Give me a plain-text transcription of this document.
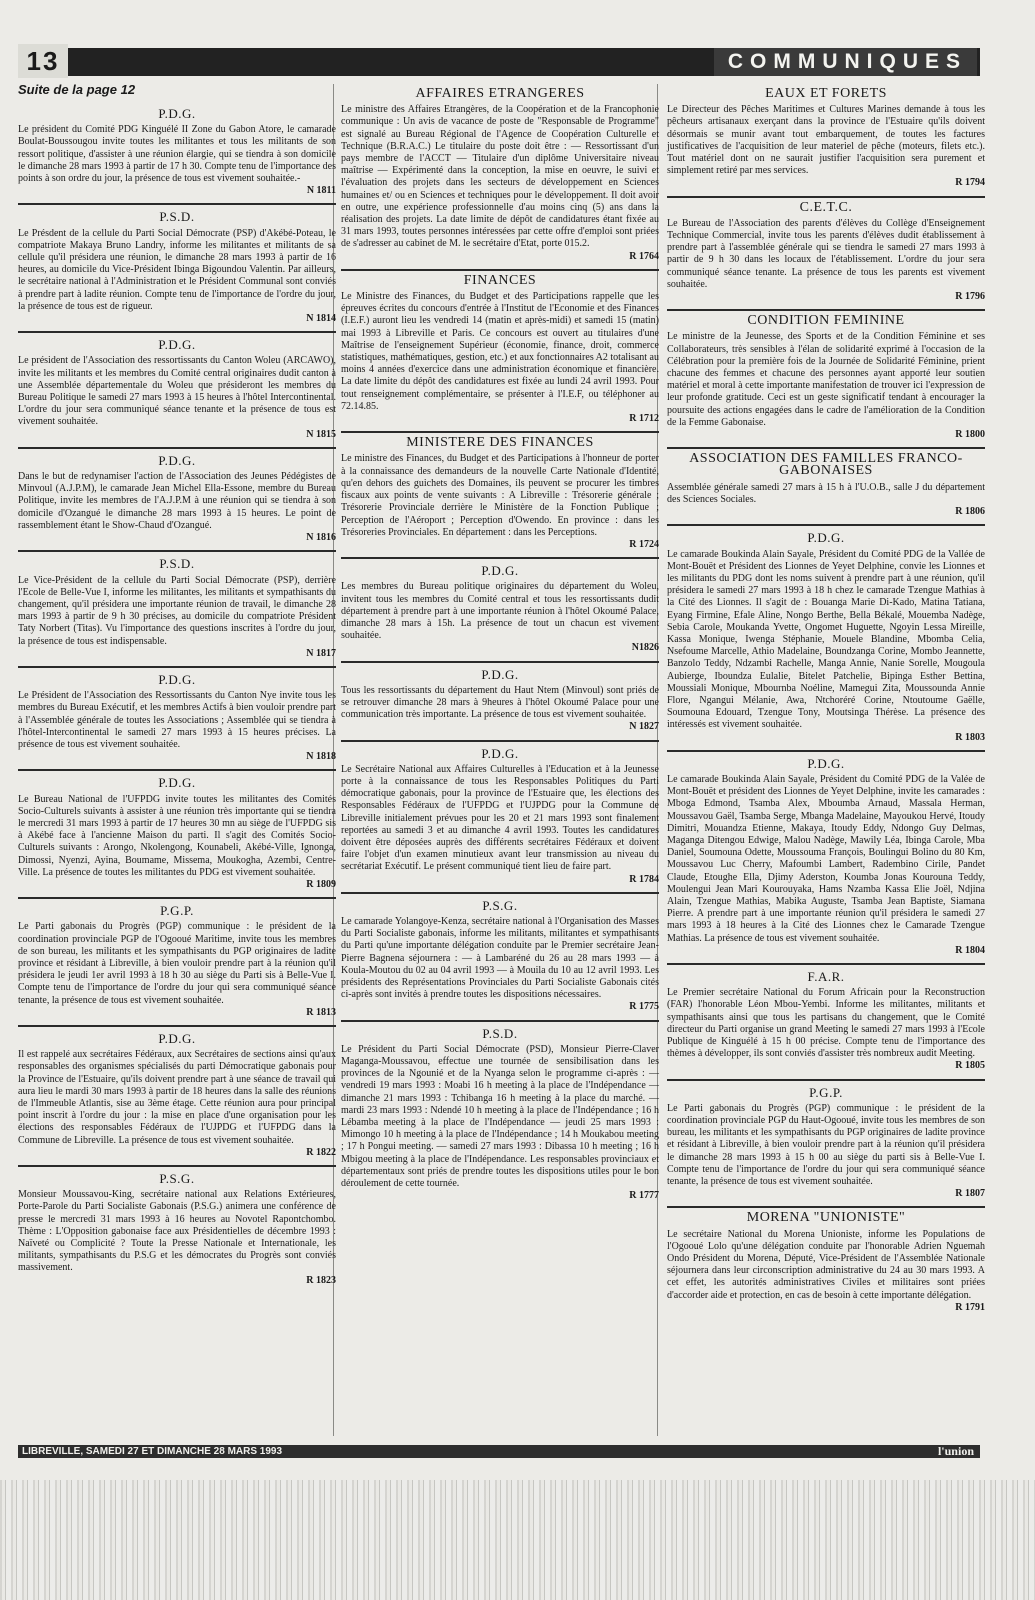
13	COMMUNIQUES
Suite de la page 12
P.D.G.

Le président du Comité PDG Kinguélé II Zone du Gabon Atore, le camarade Boulat-Boussougou invite toutes les militantes et tous les militants de son ressort politique, d'assister à une réunion élargie, qui se tiendra à son domicile le dimanche 28 mars 1993 à partir de 17 h 30. Compte tenu de l'importance des points à son ordre du jour, la présence de tous est vivement souhaitée.-

N 1811

P.S.D.

Le Présdent de la cellule du Parti Social Démocrate (PSP) d'Akébé-Poteau, le compatriote Makaya Bruno Landry, informe les militantes et militants de sa cellule qu'il présidera une réunion, le dimanche 28 mars 1993 à partir de 16 heures, au domicile du Vice-Président Ibinga Bigoundou Valentin. Par ailleurs, le secrétaire national à l'Administration et le Président Communal sont conviés à prendre part à ladite réunion. Compte tenu de l'importance de l'ordre du jour, la présence de tous est de rigueur.

N 1814

P.D.G.

Le président de l'Association des ressortissants du Canton Woleu (ARCAWO), invite les militants et les membres du Comité central originaires dudit canton à une Assemblée départementale du Woleu que présideront les membres du Bureau Politique le samedi 27 mars 1993 à 15 heures à l'hôtel Intercontinental. L'ordre du jour sera communiqué séance tenante et la présence de tous est vivement souhaitée.

N 1815

P.D.G.

Dans le but de redynamiser l'action de l'Association des Jeunes Pédégistes de Minvoul (A.J.P.M), le camarade Jean Michel Ella-Essone, membre du Bureau Politique, invite les membres de l'A.J.P.M à une réunion qui se tiendra à son domicile d'Ozangué le dimanche 28 mars 1993 à 15 heures. Le point de rassemblement étant le Show-Chaud d'Ozangué.

N 1816

P.S.D.

Le Vice-Président de la cellule du Parti Social Démocrate (PSP), derrière l'Ecole de Belle-Vue I, informe les militantes, les militants et sympathisants du changement, qu'il présidera une importante réunion de travail, le dimanche 28 mars 1993 à partir de 9 h 30 précises, au domicile du compatriote Président Taty Norbert (Titas). Vu l'importance des questions inscrites à l'ordre du jour, la présence de tous est indispensable.

N 1817

P.D.G.

Le Président de l'Association des Ressortissants du Canton Nye invite tous les membres du Bureau Exécutif, et les membres Actifs à bien vouloir prendre part à l'Assemblée générale de toutes les Associations ; Assemblée qui se tiendra à l'hôtel-Intercontinental le samedi 27 mars 1993 à 15 heures précises. La présence de tous est vivement souhaitée.

N 1818

P.D.G.

Le Bureau National de l'UFPDG invite toutes les militantes des Comités Socio-Culturels suivants à assister à une réunion très importante qui se tiendra le mercredi 31 mars 1993 à partir de 17 heures 30 mn au siège de l'UFPDG sis à Akébé face à l'ancienne Maison du parti. Il s'agit des Comités Socio-Culturels suivants : Arongo, Nkolengong, Kounabeli, Akébé-Ville, Ignonga, Dimossi, Nyenzi, Ayina, Boumame, Missema, Moukogha, Azembi, Centre-Ville. La présence de toutes les militantes du PDG est vivement souhaitée.

R 1809

P.G.P.

Le Parti gabonais du Progrès (PGP) communique : le président de la coordination provinciale PGP de l'Ogooué Maritime, invite tous les membres de son bureau, les militants et les sympathisants du PGP originaires de ladite province et résidant à Libreville, à bien vouloir prendre part à la réunion qu'il présidera le jeudi 1er avril 1993 à 18 h 30 au siège du Parti sis à Belle-Vue I. Compte tenu de l'importance de l'ordre du jour qui sera communiqué séance tenante, la présence de tous est vivement souhaitée.

R 1813

P.D.G.

Il est rappelé aux secrétaires Fédéraux, aux Secrétaires de sections ainsi qu'aux responsables des organismes spécialisés du parti Démocratique gabonais pour la Province de l'Estuaire, qu'ils doivent prendre part à une séance de travail qui aura lieu le mardi 30 mars 1993 à partir de 18 heures dans la salle des réunions de l'Immeuble Atlantis, sise au 3ème étage. Cette réunion aura pour principal point inscrit à l'ordre du jour : la mise en place d'une organisation pour les élections des responsables Fédéraux de l'UJPDG et l'UFPDG dans la Commune de Libreville. La présence de tous est vivement souhaitée.

R 1822

P.S.G.

Monsieur Moussavou-King, secrétaire national aux Relations Extérieures, Porte-Parole du Parti Socialiste Gabonais (P.S.G.) animera une conférence de presse le mercredi 31 mars 1993 à 16 heures au Novotel Rapontchombo. Thème : L'Opposition gabonaise face aux Présidentielles de décembre 1993 : Naïveté ou Complicité ? Toute la Presse Nationale et Internationale, les militants, sympathisants du P.S.G et les démocrates du Progrès sont conviés massivement.

R 1823

AFFAIRES ETRANGERES

Le ministre des Affaires Etrangères, de la Coopération et de la Francophonie communique : Un avis de vacance de poste de "Responsable de Programme" est signalé au Bureau Régional de l'Agence de Coopération Culturelle et Technique (B.R.A.C.) Le titulaire du poste doit être : — Ressortissant d'un pays membre de l'ACCT — Titulaire d'un diplôme Universitaire niveau maîtrise — Expérimenté dans la conception, la mise en oeuvre, le suivi et l'évaluation des projets dans les secteurs de développement en Sciences humaines et/ ou en Sciences et techniques pour le développement. Il doit avoir en outre, une expérience professionnelle d'au moins cinq (5) ans dans la réalisation des projets. La date limite de dépôt de candidatures étant fixée au 31 mars 1993, toutes personnes intéressées par cette offre d'emploi sont priées de s'adresser au cabinet de M. le secrétaire d'Etat, porte 015.2.

R 1764

FINANCES

Le Ministre des Finances, du Budget et des Participations rappelle que les épreuves écrites du concours d'entrée à l'Institut de l'Economie et des Finances (I.E.F.) auront lieu les vendredi 14 (matin et après-midi) et samedi 15 (matin) mai 1993 à Libreville et Paris. Ce concours est ouvert au titulaires d'une Maîtrise de l'enseignement Supérieur (économie, finance, droit, commerce statistiques, mathématiques, gestion, etc.) et aux fonctionnaires A2 totalisant au moins 4 années d'exercice dans une administration économique et financière. La date limite du dépôt des candidatures est fixée au lundi 24 avril 1993. Pour tout renseignement complémentaire, se présenter à l'I.E.F, ou téléphoner au 72.14.85.

R 1712

MINISTERE DES FINANCES

Le ministre des Finances, du Budget et des Participations à l'honneur de porter à la connaissance des demandeurs de la nouvelle Carte Nationale d'Identité, qu'en dehors des guichets des Domaines, ils peuvent se procurer les timbres fiscaux aux points de vente suivants : A Libreville : Trésorerie générale ; Trésorerie Provinciale derrière le Ministère de la Fonction Publique ; Perception de l'Aéroport ; Perception d'Owendo. En province : dans les Trésoreries Provinciales. En département : dans les Perceptions.

R 1724

P.D.G.

Les membres du Bureau politique originaires du département du Woleu, invitent tous les membres du Comité central et tous les ressortissants dudit département à prendre part à une importante réunion à l'hôtel Okoumé Palace, dimanche 28 mars à 15h. La présence de tout un chacun est vivement souhaitée.

N1826

P.D.G.

Tous les ressortissants du département du Haut Ntem (Minvoul) sont priés de se retrouver dimanche 28 mars à 9heures à l'hôtel Okoumé Palace pour une communication très importante. La présence de tous est vivement souhaitée.

N 1827

P.D.G.

Le Secrétaire National aux Affaires Culturelles à l'Education et à la Jeunesse porte à la connaissance de tous les Responsables Politiques du Parti démocratique gabonais, pour la province de l'Estuaire que, les élections des Responsables Fédéraux de l'UFPDG et l'UJPDG pour la Commune de Libreville initialement prévues pour les 20 et 21 mars 1993 sont finalement reportées au samedi 3 et au dimanche 4 avril 1993. Toutes les candidatures doivent être déposées auprès des différents secrétaires Fédéraux et doivent faire l'objet d'un examen minutieux avant leur transmission au niveau du secrétariat Exécutif. Le présent communiqué tient lieu de faire part.

R 1784

P.S.G.

Le camarade Yolangoye-Kenza, secrétaire national à l'Organisation des Masses du Parti Socialiste gabonais, informe les militants, militantes et sympathisants du Parti qu'une importante délégation conduite par le Premier secrétaire Jean-Pierre Bagnena séjournera : — à Lambaréné du 26 au 28 mars 1993 — à Koula-Moutou du 02 au 04 avril 1993 — à Mouila du 10 au 12 avril 1993. Les présidents des Représentations Provinciales du Parti Socialiste Gabonais cités ci-après sont invités à prendre toutes les dispositions nécessaires.

R 1775

P.S.D.

Le Président du Parti Social Démocrate (PSD), Monsieur Pierre-Claver Maganga-Moussavou, effectue une tournée de sensibilisation dans les provinces de la Ngounié et de la Nyanga selon le programme ci-après : — vendredi 19 mars 1993 : Moabi 16 h meeting à la place de l'Indépendance — dimanche 21 mars 1993 : Tchibanga 16 h meeting à la place du marché. — mardi 23 mars 1993 : Ndendé 10 h meeting à la place de l'Indépendance ; 16 h Lébamba meeting à la place de l'Indépendance — jeudi 25 mars 1993 : Mimongo 10 h meeting à la place de l'Indépendance ; 14 h Moukabou meeting ; 17 h Pongui meeting. — samedi 27 mars 1993 : Dibassa 10 h meeting ; 16 h Mbigou meeting à la place de l'Indépendance. Les responsables provinciaux et départementaux sont priés de prendre toutes les dispositions utiles pour le bon déroulement de cette tournée.

R 1777

EAUX ET FORETS

Le Directeur des Pêches Maritimes et Cultures Marines demande à tous les pêcheurs artisanaux exerçant dans la province de l'Estuaire qu'ils doivent désormais se munir avant tout embarquement, de toutes les factures justificatives de l'acquisition de leur materiel de pêche (moteurs, filets etc.). Tout matériel dont on ne saurait justifier l'acquisition sera purement et simplement retiré par mes services.

R 1794

C.E.T.C.

Le Bureau de l'Association des parents d'élèves du Collège d'Enseignement Technique Commercial, invite tous les parents d'élèves dudit établissement à prendre part à l'assemblée générale qui se tiendra le samedi 27 mars 1993 à partir de 9 h 30 dans les locaux de l'établissement. L'ordre du jour sera communiqué séance tenante. La présence de tous les parents est vivement souhaitée.

R 1796

CONDITION FEMININE

Le ministre de la Jeunesse, des Sports et de la Condition Féminine et ses Collaborateurs, très sensibles à l'élan de solidarité exprimé à l'occasion de la Célébration pour la première fois de la Journée de Solidarité Féminine, prient chacune des femmes et chacune des personnes ayant apporté leur soutien matériel et moral à cette importante manifestation de trouver ici l'expression de leur profonde gratitude. Ceci est un geste significatif tendant à encourager la poursuite des actions engagées dans le cadre de l'amélioration de la Condition de la Femme Gabonaise.

R 1800

ASSOCIATION DES FAMILLES FRANCO-GABONAISES

Assemblée générale samedi 27 mars à 15 h à l'U.O.B., salle J du département des Sciences Sociales.

R 1806

P.D.G.

Le camarade Boukinda Alain Sayale, Président du Comité PDG de la Vallée de Mont-Bouët et Président des Lionnes de Yeyet Delphine, convie les Lionnes et les militants du PDG dont les noms suivent à prendre part à une réunion, qu'il présidera le samedi 27 mars 1993 à 18 h chez le camarade Tzengue Mathias à la Cité des Lionnes. Il s'agit de : Bouanga Marie Di-Kado, Matina Tatiana, Eyang Firmine, Efale Aline, Nongo Berthe, Bella Békalé, Mouemba Nadège, Sebia Carole, Moukanda Yvette, Ongomet Huguette, Ngoyin Lessa Mireille, Kassa Monique, Iwenga Stéphanie, Mouele Blandine, Mbomba Celia, Nsefoume Marcelle, Athio Madelaine, Boundzanga Corine, Mombo Jeannette, Banzolo Teddy, Ndzambi Rachelle, Manga Annie, Nanie Sorelle, Mougoula Aubierge, Iboundza Eulalie, Bitelet Patchelie, Bipinga Esther Bettina, Moussiali Monique, Mbournba Noéline, Mamegui Zita, Moussounda Annie Flore, Ngangui Mélanie, Awa, Ntchoréré Corine, Ntoutoume Gaëlle, Soumouna Edouard, Tzengue Tony, Moutsinga Thérèse. La présence des intéressés est vivement souhaitée.

R 1803

P.D.G.

Le camarade Boukinda Alain Sayale, Président du Comité PDG de la Valée de Mont-Bouët et président des Lionnes de Yeyet Delphine, invite les camarades : Mboga Edmond, Tsamba Alex, Mboumba Arnaud, Massala Herman, Moussavou Gaël, Tsamba Serge, Mbanga Madelaine, Mayoukou Hervé, Itoudy Dimitri, Mouandza Etienne, Makaya, Itoudy Eddy, Ndongo Guy Delmas, Maganga Ditengou Edwige, Malou Nadège, Mawily Léa, Ibinga Carole, Mba Daniel, Soumouna Odette, Moussouma François, Boulingui Bolino du 80 Km, Moussavou Luc Cherry, Mafoumbi Lambert, Radembino Cirile, Pandet Claude, Etoughe Ella, Djimy Aderston, Koumba Jonas Kourouna Teddy, Moulengui Jean Mari Kourouyaka, Hams Nzamba Kassa Elie Joël, Ndjina Alain, Tzengue Mathias, Mabika Auguste, Tsamba Jean Baptiste, Siamana Pierre. A prendre part à une importante réunion qu'il présidera le samedi 27 mars 1993 à 18 heures à la Cité des Lionnes chez le Camarade Tzengue Mathias. La présence de tous est vivement souhaitée.

R 1804

F.A.R.

Le Premier secrétaire National du Forum Africain pour la Reconstruction (FAR) l'honorable Léon Mbou-Yembi. Informe les militantes, militants et sympathisants ainsi que tous les partisans du changement, que le Comité directeur du Parti organise un grand Meeting le samedi 27 mars 1993 à l'Ecole Publique de Kinguélé à 15 h 00 précise. Compte tenu de l'importance des thèmes à développer, ils sont conviés d'assister très nombreux audit Meeting.

R 1805

P.G.P.

Le Parti gabonais du Progrès (PGP) communique : le président de la coordination provinciale PGP du Haut-Ogooué, invite tous les membres de son bureau, les militants et les sympathisants du PGP originaires de ladite province et résidant à Libreville, à bien vouloir prendre part à la réunion qu'il présidera le dimanche 28 mars 1993 à 15 h 00 au siège du parti sis à Belle-Vue I. Compte tenu de l'importance de l'ordre du jour qui sera communiqué séance tenante, la présence de tous est vivement souhaitée.

R 1807

MORENA "UNIONISTE"

Le secrétaire National du Morena Unioniste, informe les Populations de l'Ogooué Lolo qu'une délégation conduite par l'honorable Adrien Nguemah Ondo Président du Morena, Député, Vice-Président de l'Assemblée Nationale séjournera dans leur circonscription administrative du 24 au 30 mars 1993. A cet effet, les autorités administratives Civiles et militaires sont priées d'accorder aide et protection, en cas de besoin à cette importante délégation.

R 1791

LIBREVILLE, SAMEDI 27 ET DIMANCHE 28 MARS 1993	l'union
